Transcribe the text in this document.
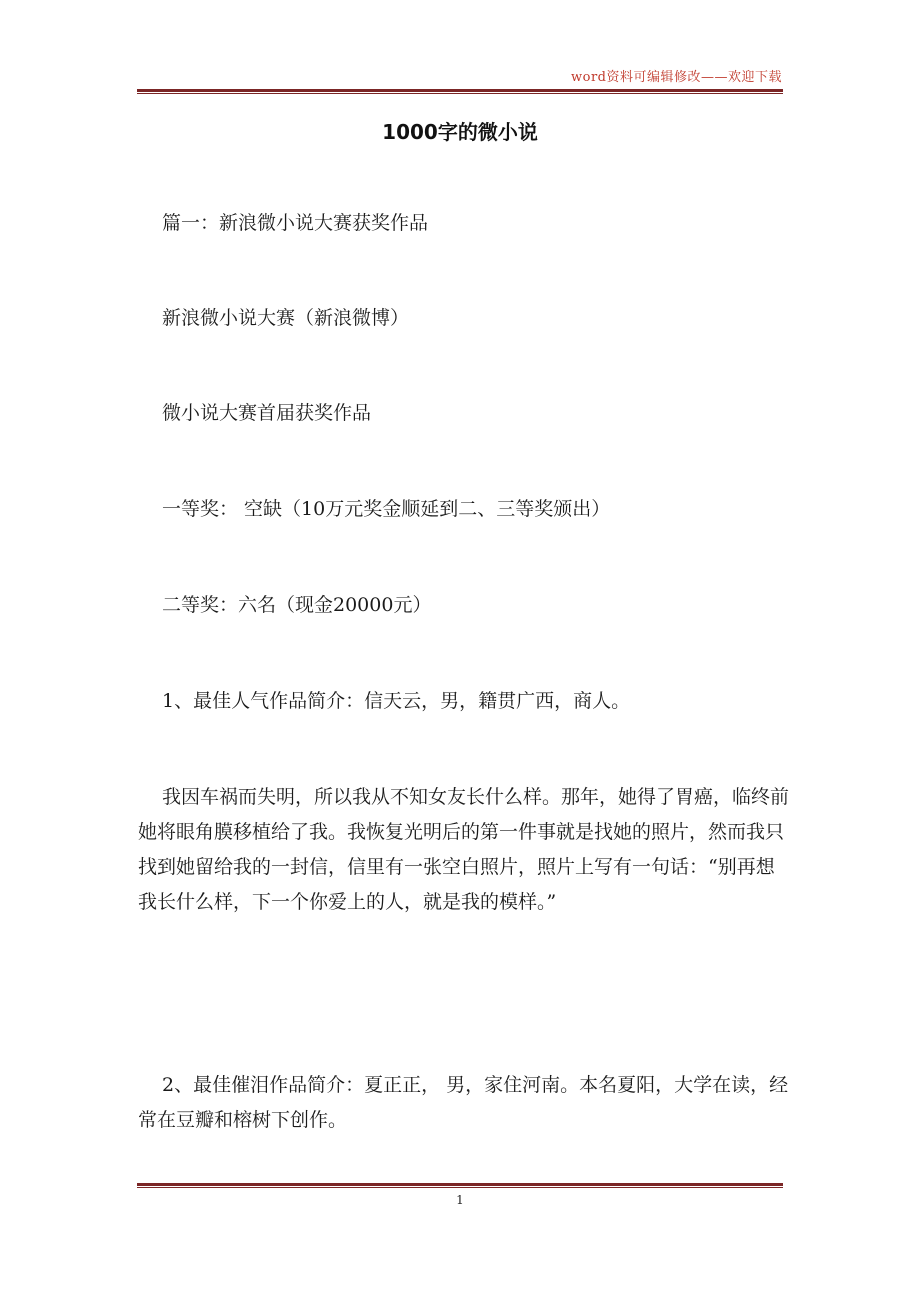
word资料可编辑修改——欢迎下载
1000字的微小说

篇一：新浪微小说大赛获奖作品

新浪微小说大赛（新浪微博）

微小说大赛首届获奖作品

一等奖： 空缺（10万元奖金顺延到二、三等奖颁出）

二等奖：六名（现金20000元）

1、最佳人气作品简介：信天云，男，籍贯广西，商人。

我因车祸而失明，所以我从不知女友长什么样。那年，她得了胃癌，临终前她将眼角膜移植给了我。我恢复光明后的第一件事就是找她的照片，然而我只找到她留给我的一封信，信里有一张空白照片，照片上写有一句话：“别再想我长什么样，下一个你爱上的人，就是我的模样。”

2、最佳催泪作品简介：夏正正， 男，家住河南。本名夏阳，大学在读，经常在豆瓣和榕树下创作。

1
